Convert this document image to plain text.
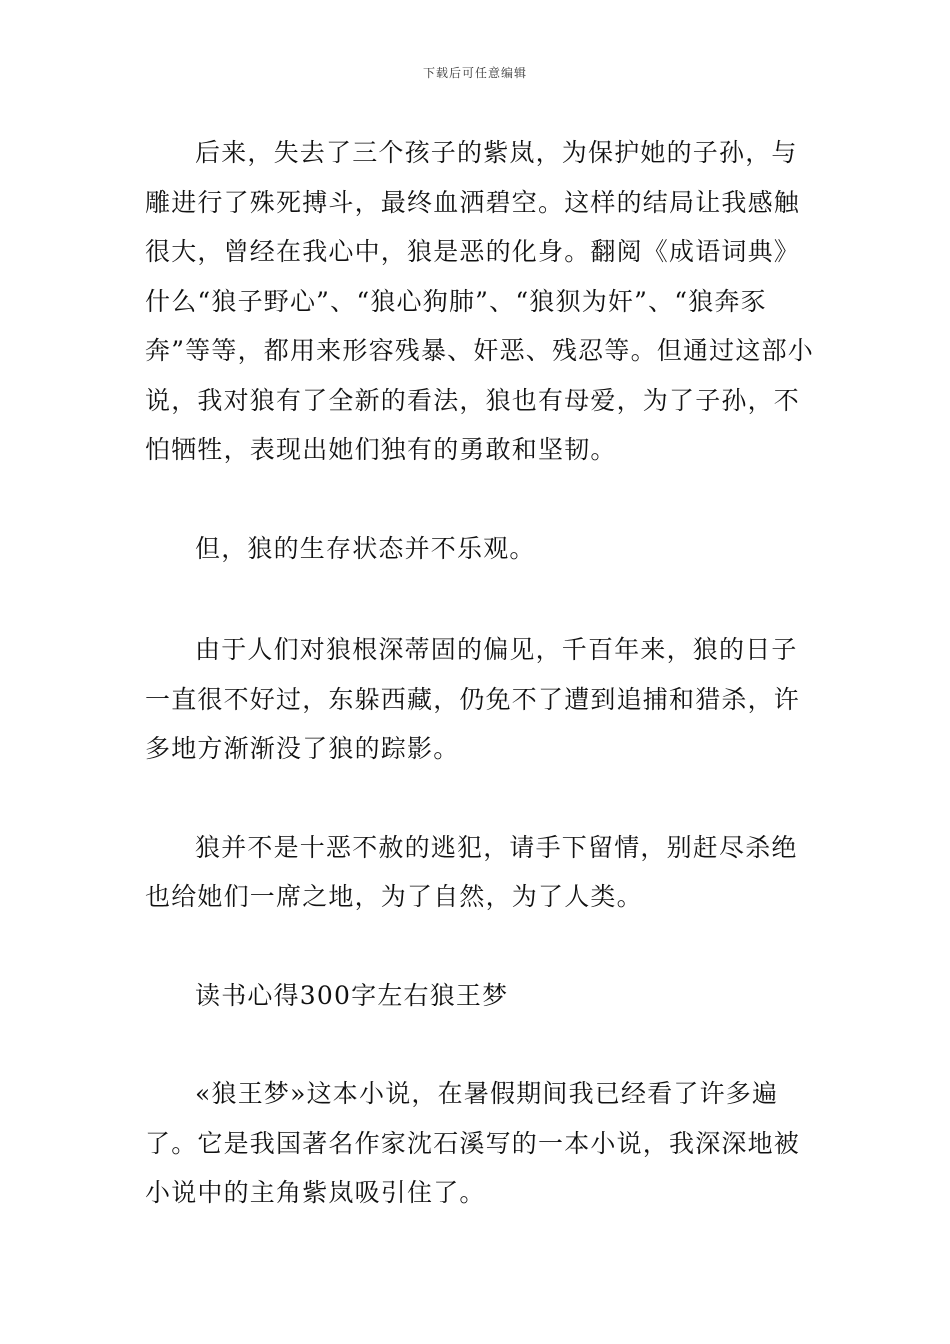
下载后可任意编辑

后来，失去了三个孩子的紫岚，为保护她的子孙，与雕进行了殊死搏斗，最终血洒碧空。这样的结局让我感触很大，曾经在我心中，狼是恶的化身。翻阅《成语词典》什么“狼子野心”、“狼心狗肺”、“狼狈为奸”、“狼奔豕奔”等等，都用来形容残暴、奸恶、残忍等。但通过这部小说，我对狼有了全新的看法，狼也有母爱，为了子孙，不怕牺牲，表现出她们独有的勇敢和坚韧。

但，狼的生存状态并不乐观。

由于人们对狼根深蒂固的偏见，千百年来，狼的日子一直很不好过，东躲西藏，仍免不了遭到追捕和猎杀，许多地方渐渐没了狼的踪影。

狼并不是十恶不赦的逃犯，请手下留情，别赶尽杀绝也给她们一席之地，为了自然，为了人类。

读书心得300字左右狼王梦

«狼王梦»这本小说，在暑假期间我已经看了许多遍了。它是我国著名作家沈石溪写的一本小说，我深深地被小说中的主角紫岚吸引住了。
